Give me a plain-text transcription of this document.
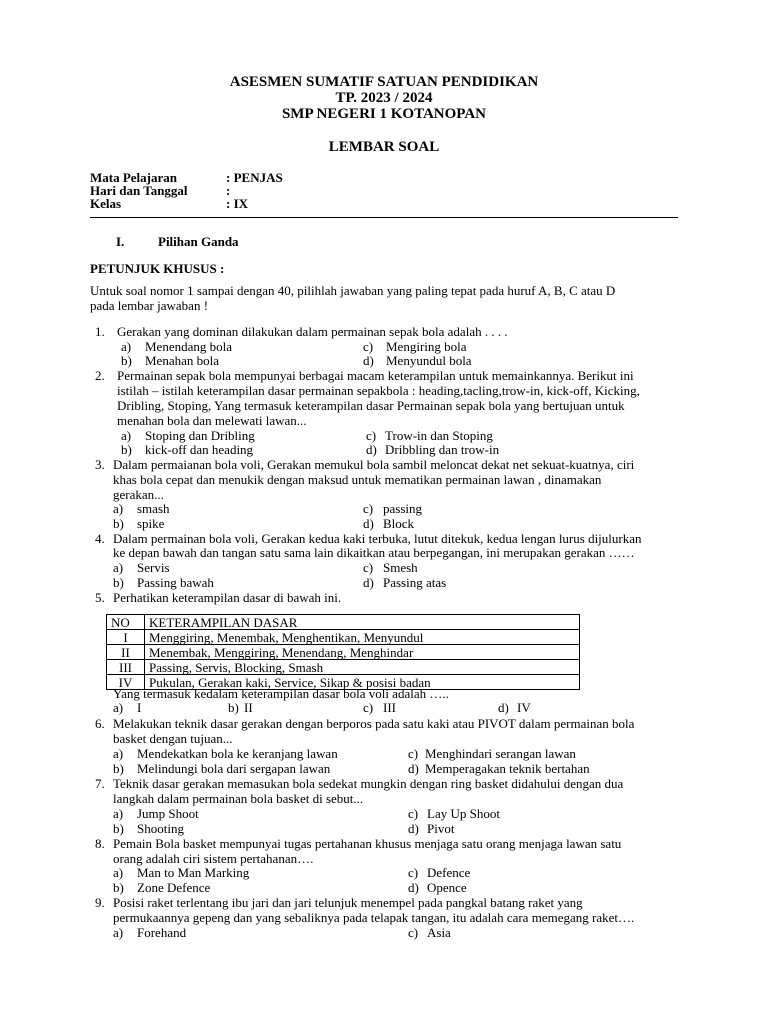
ASESMEN SUMATIF SATUAN PENDIDIKAN
TP. 2023 / 2024
SMP NEGERI 1 KOTANOPAN
LEMBAR SOAL
Mata Pelajaran	: PENJAS
Hari dan Tanggal	:
Kelas	: IX
I.	Pilihan Ganda
PETUNJUK KHUSUS :
Untuk soal nomor 1 sampai dengan 40, pilihlah jawaban yang paling tepat pada huruf A, B, C atau D
pada lembar jawaban !
1. Gerakan yang dominan dilakukan dalam permainan sepak bola adalah . . . .
a) Menendang bola
b) Menahan bola
c) Mengiring bola
d) Menyundul bola
2. Permainan sepak bola mempunyai berbagai macam keterampilan untuk memainkannya. Berikut ini
istilah – istilah keterampilan dasar permainan sepakbola : heading,tacling,trow-in, kick-off, Kicking,
Dribling, Stoping, Yang termasuk keterampilan dasar Permainan sepak bola yang bertujuan untuk
menahan bola dan melewati lawan...
a) Stoping dan Dribling
b) kick-off dan heading
c) Trow-in dan Stoping
d) Dribbling dan trow-in
3. Dalam permaianan bola voli, Gerakan memukul bola sambil meloncat dekat net sekuat-kuatnya, ciri
khas bola cepat dan menukik dengan maksud untuk mematikan permainan lawan , dinamakan
gerakan...
a) smash
b) spike
c) passing
d) Block
4. Dalam permainan bola voli, Gerakan kedua kaki terbuka, lutut ditekuk, kedua lengan lurus dijulurkan
ke depan bawah dan tangan satu sama lain dikaitkan atau berpegangan, ini merupakan gerakan ……
a) Servis
b) Passing bawah
c) Smesh
d) Passing atas
5. Perhatikan keterampilan dasar di bawah ini.
NO	KETERAMPILAN DASAR
I	Menggiring, Menembak, Menghentikan, Menyundul
II	Menembak, Menggiring, Menendang, Menghindar
III	Passing, Servis, Blocking, Smash
IV	Pukulan, Gerakan kaki, Service, Sikap & posisi badan
Yang termasuk kedalam keterampilan dasar bola voli adalah …..
a) I	b) II	c) III	d) IV
6. Melakukan teknik dasar gerakan dengan berporos pada satu kaki atau PIVOT dalam permainan bola
basket dengan tujuan...
a) Mendekatkan bola ke keranjang lawan
b) Melindungi bola dari sergapan lawan
c) Menghindari serangan lawan
d) Memperagakan teknik bertahan
7. Teknik dasar gerakan memasukan bola sedekat mungkin dengan ring basket didahului dengan dua
langkah dalam permainan bola basket di sebut...
a) Jump Shoot
b) Shooting
c) Lay Up Shoot
d) Pivot
8. Pemain Bola basket mempunyai tugas pertahanan khusus menjaga satu orang menjaga lawan satu
orang adalah ciri sistem pertahanan….
a) Man to Man Marking
b) Zone Defence
c) Defence
d) Opence
9. Posisi raket terlentang ibu jari dan jari telunjuk menempel pada pangkal batang raket yang
permukaannya gepeng dan yang sebaliknya pada telapak tangan, itu adalah cara memegang raket….
a) Forehand	c) Asia
